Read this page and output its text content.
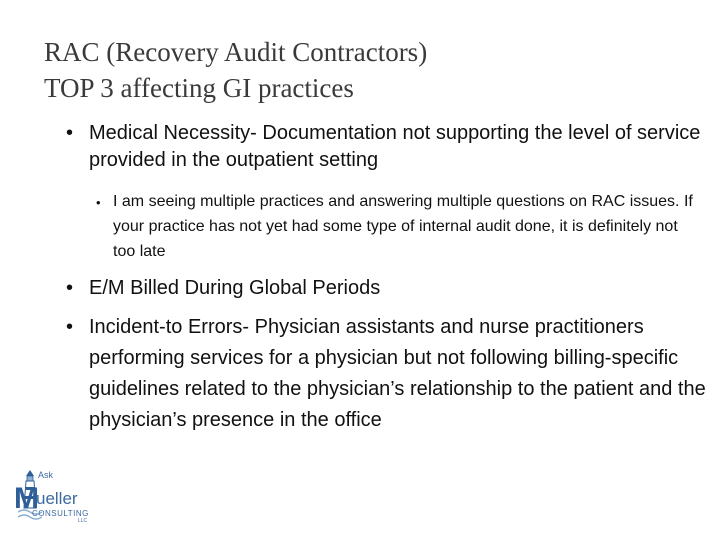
RAC (Recovery Audit Contractors)
TOP 3 affecting GI practices
• Medical Necessity- Documentation not supporting the level of service provided in the outpatient setting
• I am seeing multiple practices and answering multiple questions on RAC issues. If your practice has not yet had some type of internal audit done, it is definitely not too late
• E/M Billed During Global Periods
• Incident-to Errors- Physician assistants and nurse practitioners performing services for a physician but not following billing-specific guidelines related to the physician’s relationship to the patient and the physician’s presence in the office
Ask
M
ueller
CONSULTING
LLC
